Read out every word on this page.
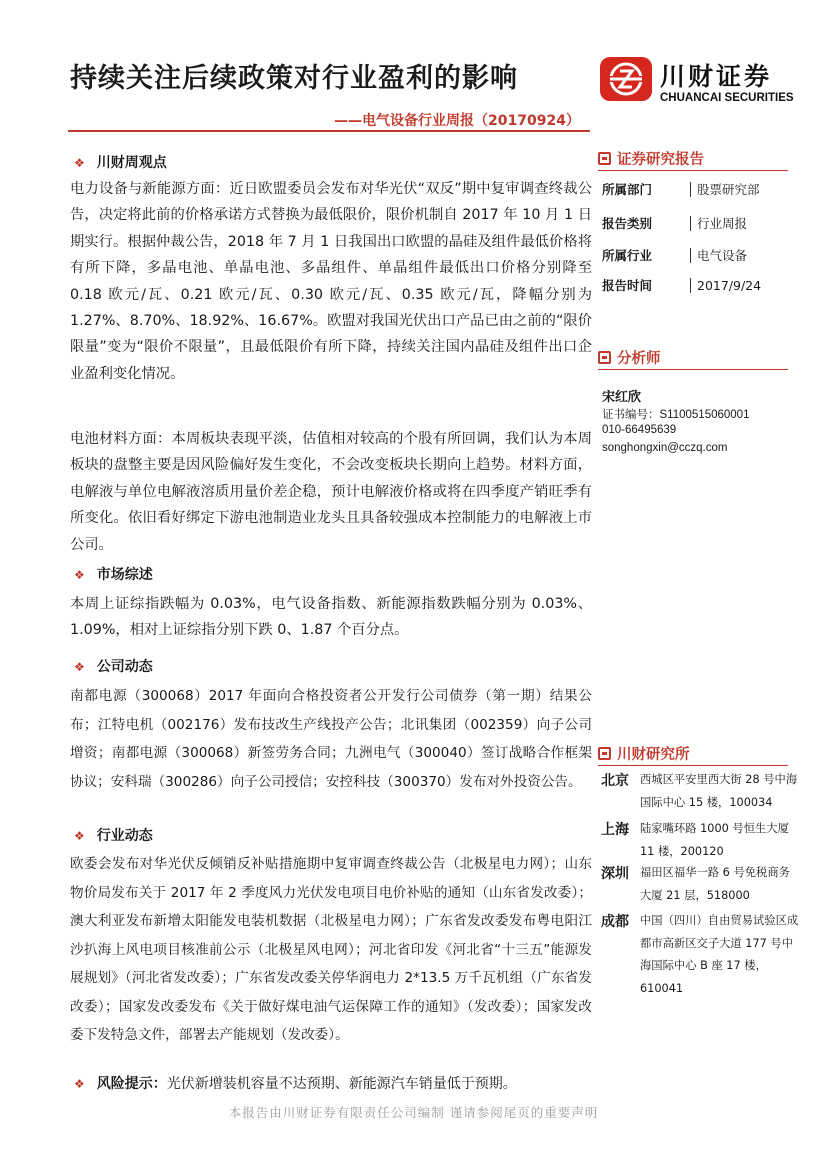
持续关注后续政策对行业盈利的影响
——电气设备行业周报（20170924）
川财证券
CHUANCAI SECURITIES
❖ 川财周观点
电力设备与新能源方面：近日欧盟委员会发布对华光伏“双反”期中复审调查终裁公告，决定将此前的价格承诺方式替换为最低限价，限价机制自 2017 年 10 月 1 日期实行。根据仲裁公告，2018 年 7 月 1 日我国出口欧盟的晶硅及组件最低价格将有所下降，多晶电池、单晶电池、多晶组件、单晶组件最低出口价格分别降至 0.18 欧元/瓦、0.21 欧元/瓦、0.30 欧元/瓦、0.35 欧元/瓦，降幅分别为 1.27%、8.70%、18.92%、16.67%。欧盟对我国光伏出口产品已由之前的“限价限量”变为“限价不限量”，且最低限价有所下降，持续关注国内晶硅及组件出口企业盈利变化情况。
电池材料方面：本周板块表现平淡，估值相对较高的个股有所回调，我们认为本周板块的盘整主要是因风险偏好发生变化，不会改变板块长期向上趋势。材料方面，电解液与单位电解液溶质用量价差企稳，预计电解液价格或将在四季度产销旺季有所变化。依旧看好绑定下游电池制造业龙头且具备较强成本控制能力的电解液上市公司。
❖ 市场综述
本周上证综指跌幅为 0.03%，电气设备指数、新能源指数跌幅分别为 0.03%、1.09%，相对上证综指分别下跌 0、1.87 个百分点。
❖ 公司动态
南都电源（300068）2017 年面向合格投资者公开发行公司债券（第一期）结果公布；江特电机（002176）发布技改生产线投产公告；北讯集团（002359）向子公司增资；南都电源（300068）新签劳务合同；九洲电气（300040）签订战略合作框架协议；安科瑞（300286）向子公司授信；安控科技（300370）发布对外投资公告。
❖ 行业动态
欧委会发布对华光伏反倾销反补贴措施期中复审调查终裁公告（北极星电力网）；山东物价局发布关于 2017 年 2 季度风力光伏发电项目电价补贴的通知（山东省发改委）；澳大利亚发布新增太阳能发电装机数据（北极星电力网）；广东省发改委发布粤电阳江沙扒海上风电项目核准前公示（北极星风电网）；河北省印发《河北省“十三五”能源发展规划》（河北省发改委）；广东省发改委关停华润电力 2*13.5 万千瓦机组（广东省发改委）；国家发改委发布《关于做好煤电油气运保障工作的通知》（发改委）；国家发改委下发特急文件，部署去产能规划（发改委）。
❖ 风险提示：光伏新增装机容量不达预期、新能源汽车销量低于预期。
证券研究报告
所属部门	股票研究部
报告类别	行业周报
所属行业	电气设备
报告时间	2017/9/24
分析师
宋红欣
证书编号：S1100515060001
010-66495639
songhongxin@cczq.com
川财研究所
北京 西城区平安里西大街 28 号中海国际中心 15 楼，100034
上海 陆家嘴环路 1000 号恒生大厦 11 楼，200120
深圳 福田区福华一路 6 号免税商务大厦 21 层，518000
成都 中国（四川）自由贸易试验区成都市高新区交子大道 177 号中海国际中心 B 座 17 楼，610041
本报告由川财证券有限责任公司编制 谨请参阅尾页的重要声明
